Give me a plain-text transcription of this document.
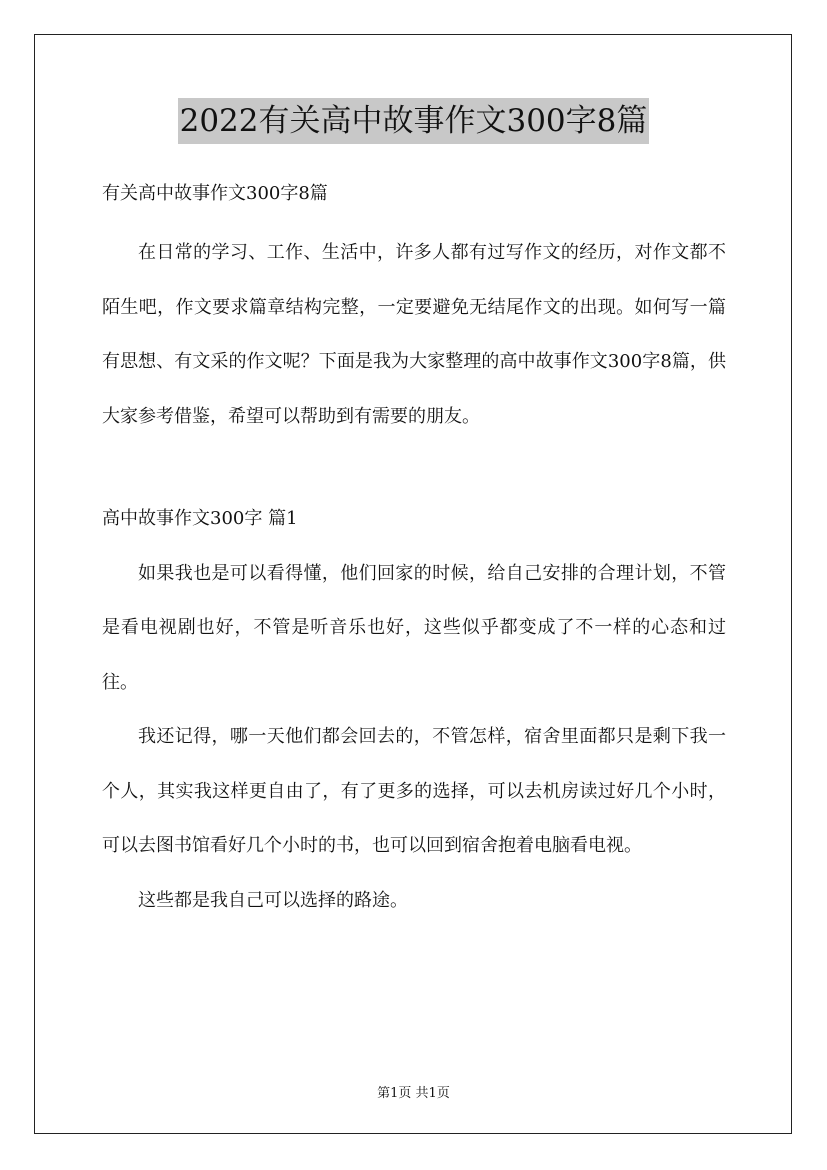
2022有关高中故事作文300字8篇

有关高中故事作文300字8篇

在日常的学习、工作、生活中，许多人都有过写作文的经历，对作文都不陌生吧，作文要求篇章结构完整，一定要避免无结尾作文的出现。如何写一篇有思想、有文采的作文呢？下面是我为大家整理的高中故事作文300字8篇，供大家参考借鉴，希望可以帮助到有需要的朋友。

高中故事作文300字 篇1

如果我也是可以看得懂，他们回家的时候，给自己安排的合理计划，不管是看电视剧也好，不管是听音乐也好，这些似乎都变成了不一样的心态和过往。

我还记得，哪一天他们都会回去的，不管怎样，宿舍里面都只是剩下我一个人，其实我这样更自由了，有了更多的选择，可以去机房读过好几个小时，可以去图书馆看好几个小时的书，也可以回到宿舍抱着电脑看电视。

这些都是我自己可以选择的路途。

第1页 共1页
